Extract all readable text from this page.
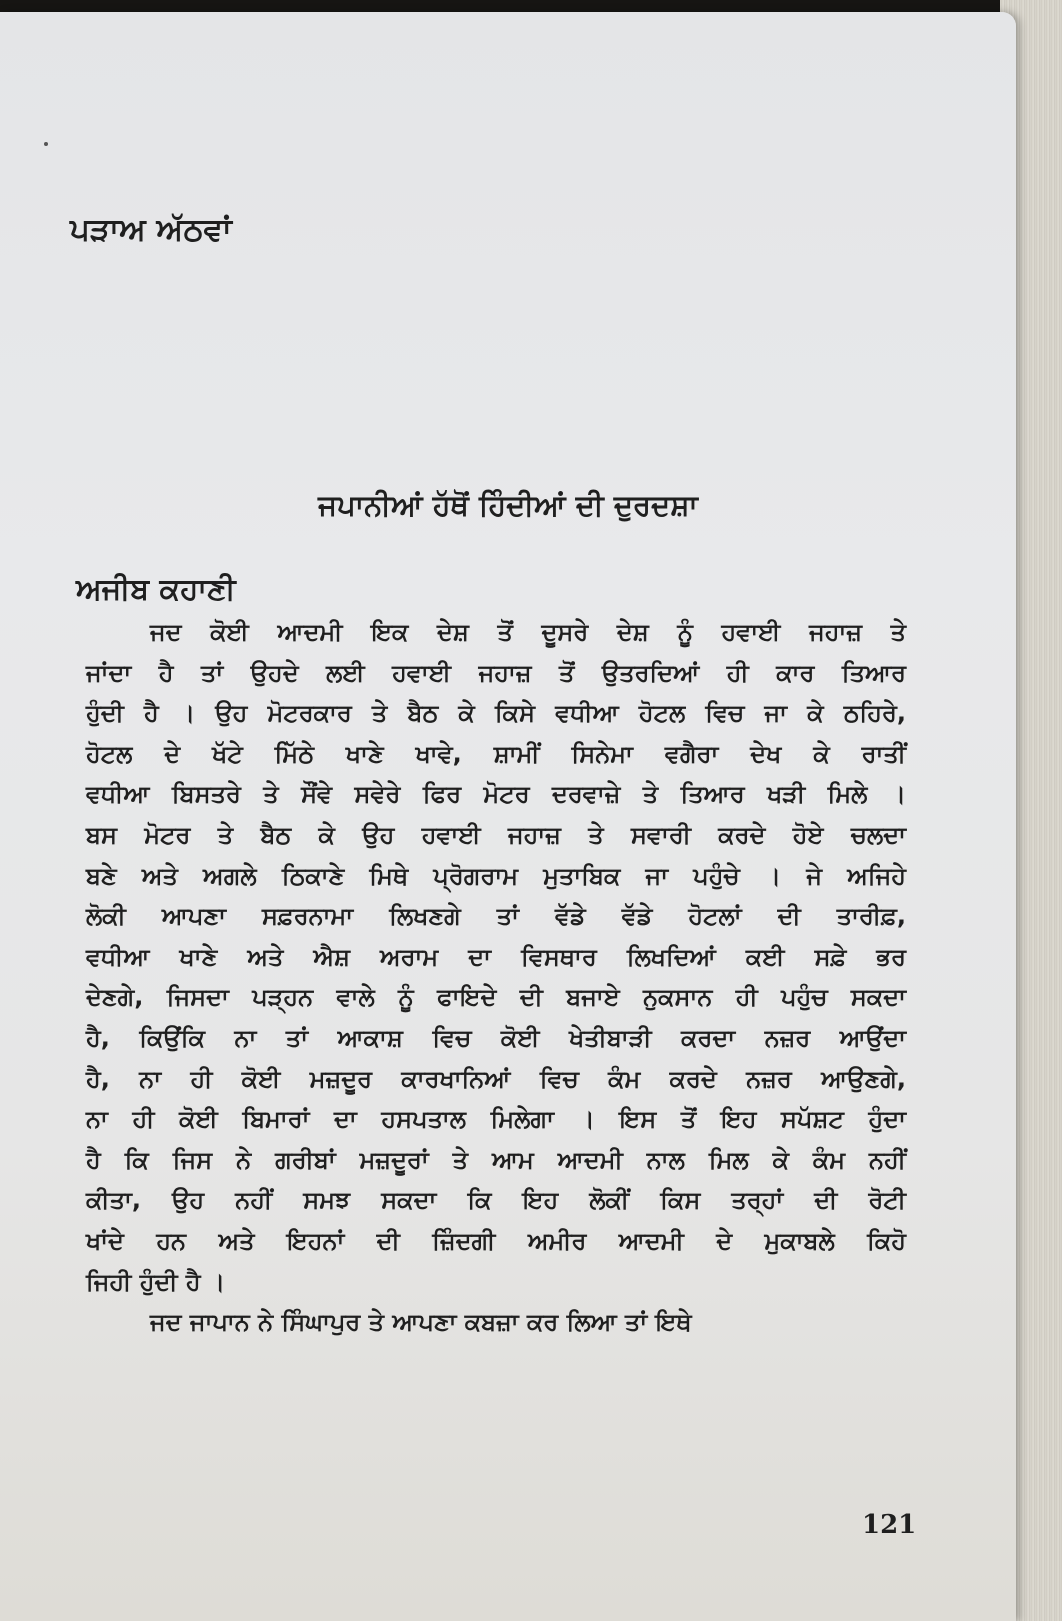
ਪੜਾਅ ਅੱਠਵਾਂ
ਜਪਾਨੀਆਂ ਹੱਥੋਂ ਹਿੰਦੀਆਂ ਦੀ ਦੁਰਦਸ਼ਾ
ਅਜੀਬ ਕਹਾਣੀ
ਜਦ ਕੋਈ ਆਦਮੀ ਇਕ ਦੇਸ਼ ਤੋਂ ਦੂਸਰੇ ਦੇਸ਼ ਨੂੰ ਹਵਾਈ ਜਹਾਜ਼ ਤੇ
ਜਾਂਦਾ ਹੈ ਤਾਂ ਉਹਦੇ ਲਈ ਹਵਾਈ ਜਹਾਜ਼ ਤੋਂ ਉਤਰਦਿਆਂ ਹੀ ਕਾਰ ਤਿਆਰ
ਹੁੰਦੀ ਹੈ । ਉਹ ਮੋਟਰਕਾਰ ਤੇ ਬੈਠ ਕੇ ਕਿਸੇ ਵਧੀਆ ਹੋਟਲ ਵਿਚ ਜਾ ਕੇ ਠਹਿਰੇ,
ਹੋਟਲ ਦੇ ਖੱਟੇ ਮਿੱਠੇ ਖਾਣੇ ਖਾਵੇ, ਸ਼ਾਮੀਂ ਸਿਨੇਮਾ ਵਗੈਰਾ ਦੇਖ ਕੇ ਰਾਤੀਂ
ਵਧੀਆ ਬਿਸਤਰੇ ਤੇ ਸੌਂਵੇ ਸਵੇਰੇ ਫਿਰ ਮੋਟਰ ਦਰਵਾਜ਼ੇ ਤੇ ਤਿਆਰ ਖੜੀ ਮਿਲੇ ।
ਬਸ ਮੋਟਰ ਤੇ ਬੈਠ ਕੇ ਉਹ ਹਵਾਈ ਜਹਾਜ਼ ਤੇ ਸਵਾਰੀ ਕਰਦੇ ਹੋਏ ਚਲਦਾ
ਬਣੇ ਅਤੇ ਅਗਲੇ ਠਿਕਾਣੇ ਮਿਥੇ ਪ੍ਰੋਗਰਾਮ ਮੁਤਾਬਿਕ ਜਾ ਪਹੁੰਚੇ । ਜੇ ਅਜਿਹੇ
ਲੋਕੀ ਆਪਣਾ ਸਫ਼ਰਨਾਮਾ ਲਿਖਣਗੇ ਤਾਂ ਵੱਡੇ ਵੱਡੇ ਹੋਟਲਾਂ ਦੀ ਤਾਰੀਫ਼,
ਵਧੀਆ ਖਾਣੇ ਅਤੇ ਐਸ਼ ਅਰਾਮ ਦਾ ਵਿਸਥਾਰ ਲਿਖਦਿਆਂ ਕਈ ਸਫ਼ੇ ਭਰ
ਦੇਣਗੇ, ਜਿਸਦਾ ਪੜ੍ਹਨ ਵਾਲੇ ਨੂੰ ਫਾਇਦੇ ਦੀ ਬਜਾਏ ਨੁਕਸਾਨ ਹੀ ਪਹੁੰਚ ਸਕਦਾ
ਹੈ, ਕਿਉਂਕਿ ਨਾ ਤਾਂ ਆਕਾਸ਼ ਵਿਚ ਕੋਈ ਖੇਤੀਬਾੜੀ ਕਰਦਾ ਨਜ਼ਰ ਆਉਂਦਾ
ਹੈ, ਨਾ ਹੀ ਕੋਈ ਮਜ਼ਦੂਰ ਕਾਰਖਾਨਿਆਂ ਵਿਚ ਕੰਮ ਕਰਦੇ ਨਜ਼ਰ ਆਉਣਗੇ,
ਨਾ ਹੀ ਕੋਈ ਬਿਮਾਰਾਂ ਦਾ ਹਸਪਤਾਲ ਮਿਲੇਗਾ । ਇਸ ਤੋਂ ਇਹ ਸਪੱਸ਼ਟ ਹੁੰਦਾ
ਹੈ ਕਿ ਜਿਸ ਨੇ ਗਰੀਬਾਂ ਮਜ਼ਦੂਰਾਂ ਤੇ ਆਮ ਆਦਮੀ ਨਾਲ ਮਿਲ ਕੇ ਕੰਮ ਨਹੀਂ
ਕੀਤਾ, ਉਹ ਨਹੀਂ ਸਮਝ ਸਕਦਾ ਕਿ ਇਹ ਲੋਕੀਂ ਕਿਸ ਤਰ੍ਹਾਂ ਦੀ ਰੋਟੀ
ਖਾਂਦੇ ਹਨ ਅਤੇ ਇਹਨਾਂ ਦੀ ਜ਼ਿੰਦਗੀ ਅਮੀਰ ਆਦਮੀ ਦੇ ਮੁਕਾਬਲੇ ਕਿਹੋ
ਜਿਹੀ ਹੁੰਦੀ ਹੈ ।
ਜਦ ਜਾਪਾਨ ਨੇ ਸਿੰਘਾਪੁਰ ਤੇ ਆਪਣਾ ਕਬਜ਼ਾ ਕਰ ਲਿਆ ਤਾਂ ਇਥੇ
121
